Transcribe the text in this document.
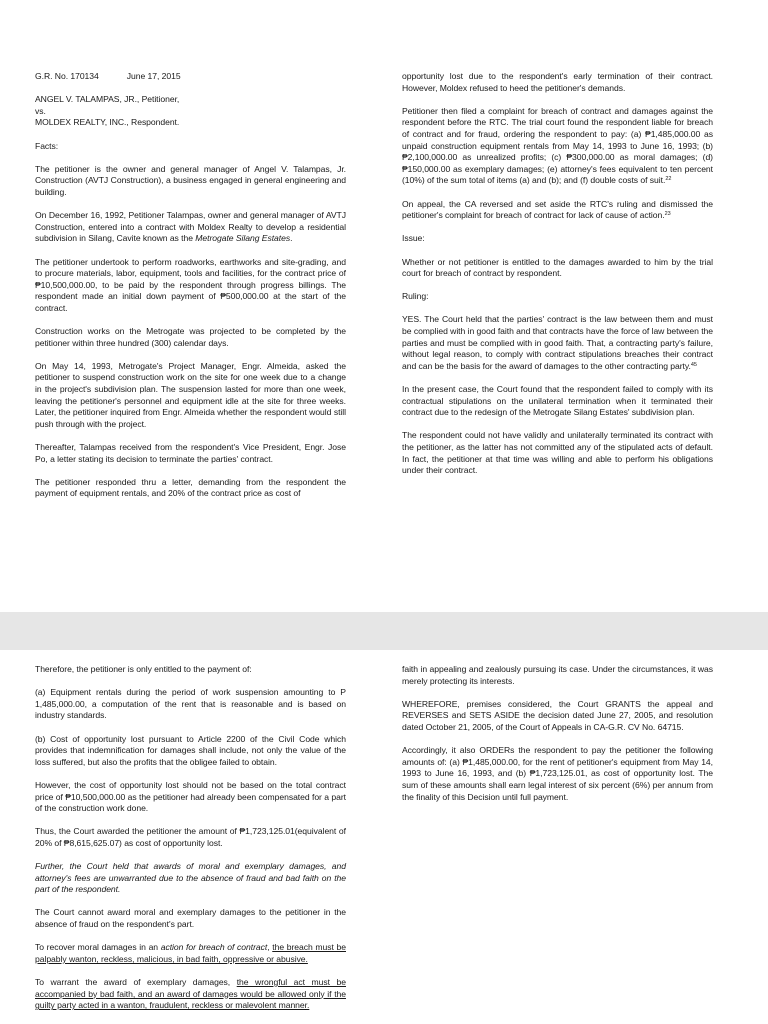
G.R. No. 170134	June 17, 2015

ANGEL V. TALAMPAS, JR., Petitioner,
vs.
MOLDEX REALTY, INC., Respondent.

Facts:

The petitioner is the owner and general manager of Angel V. Talampas, Jr. Construction (AVTJ Construction), a business engaged in general engineering and building.

On December 16, 1992, Petitioner Talampas, owner and general manager of AVTJ Construction, entered into a contract with Moldex Realty to develop a residential subdivision in Silang, Cavite known as the Metrogate Silang Estates.

The petitioner undertook to perform roadworks, earthworks and site-grading, and to procure materials, labor, equipment, tools and facilities, for the contract price of ₱10,500,000.00, to be paid by the respondent through progress billings. The respondent made an initial down payment of ₱500,000.00 at the start of the contract.

Construction works on the Metrogate was projected to be completed by the petitioner within three hundred (300) calendar days.

On May 14, 1993, Metrogate's Project Manager, Engr. Almeida, asked the petitioner to suspend construction work on the site for one week due to a change in the project's subdivision plan. The suspension lasted for more than one week, leaving the petitioner's personnel and equipment idle at the site for three weeks. Later, the petitioner inquired from Engr. Almeida whether the respondent would still push through with the project.

Thereafter, Talampas received from the respondent's Vice President, Engr. Jose Po, a letter stating its decision to terminate the parties' contract.

The petitioner responded thru a letter, demanding from the respondent the payment of equipment rentals, and 20% of the contract price as cost of

opportunity lost due to the respondent's early termination of their contract. However, Moldex refused to heed the petitioner's demands.

Petitioner then filed a complaint for breach of contract and damages against the respondent before the RTC. The trial court found the respondent liable for breach of contract and for fraud, ordering the respondent to pay: (a) ₱1,485,000.00 as unpaid construction equipment rentals from May 14, 1993 to June 16, 1993; (b) ₱2,100,000.00 as unrealized profits; (c) ₱300,000.00 as moral damages; (d) ₱150,000.00 as exemplary damages; (e) attorney's fees equivalent to ten percent (10%) of the sum total of items (a) and (b); and (f) double costs of suit.$^{22}$

On appeal, the CA reversed and set aside the RTC's ruling and dismissed the petitioner's complaint for breach of contract for lack of cause of action.$^{23}$

Issue:

Whether or not petitioner is entitled to the damages awarded to him by the trial court for breach of contract by respondent.

Ruling:

YES. The Court held that the parties' contract is the law between them and must be complied with in good faith and that contracts have the force of law between the parties and must be complied with in good faith. That, a contracting party's failure, without legal reason, to comply with contract stipulations breaches their contract and can be the basis for the award of damages to the other contracting party.$^{45}$

In the present case, the Court found that the respondent failed to comply with its contractual stipulations on the unilateral termination when it terminated their contract due to the redesign of the Metrogate Silang Estates' subdivision plan.

The respondent could not have validly and unilaterally terminated its contract with the petitioner, as the latter has not committed any of the stipulated acts of default. In fact, the petitioner at that time was willing and able to perform his obligations under their contract.

Therefore, the petitioner is only entitled to the payment of:

(a) Equipment rentals during the period of work suspension amounting to P 1,485,000.00, a computation of the rent that is reasonable and is based on industry standards.

(b) Cost of opportunity lost pursuant to Article 2200 of the Civil Code which provides that indemnification for damages shall include, not only the value of the loss suffered, but also the profits that the obligee failed to obtain.

However, the cost of opportunity lost should not be based on the total contract price of ₱10,500,000.00 as the petitioner had already been compensated for a part of the construction work done.

Thus, the Court awarded the petitioner the amount of ₱1,723,125.01(equivalent of 20% of ₱8,615,625.07) as cost of opportunity lost.

Further, the Court held that awards of moral and exemplary damages, and attorney's fees are unwarranted due to the absence of fraud and bad faith on the part of the respondent.

The Court cannot award moral and exemplary damages to the petitioner in the absence of fraud on the respondent's part.

To recover moral damages in an action for breach of contract, the breach must be palpably wanton, reckless, malicious, in bad faith, oppressive or abusive.

To warrant the award of exemplary damages, the wrongful act must be accompanied by bad faith, and an award of damages would be allowed only if the guilty party acted in a wanton, fraudulent, reckless or malevolent manner.

faith in appealing and zealously pursuing its case. Under the circumstances, it was merely protecting its interests.

WHEREFORE, premises considered, the Court GRANTS the appeal and REVERSES and SETS ASIDE the decision dated June 27, 2005, and resolution dated October 21, 2005, of the Court of Appeals in CA-G.R. CV No. 64715.

Accordingly, it also ORDERs the respondent to pay the petitioner the following amounts of: (a) ₱1,485,000.00, for the rent of petitioner's equipment from May 14, 1993 to June 16, 1993, and (b) ₱1,723,125.01, as cost of opportunity lost. The sum of these amounts shall earn legal interest of six percent (6%) per annum from the finality of this Decision until full payment.
